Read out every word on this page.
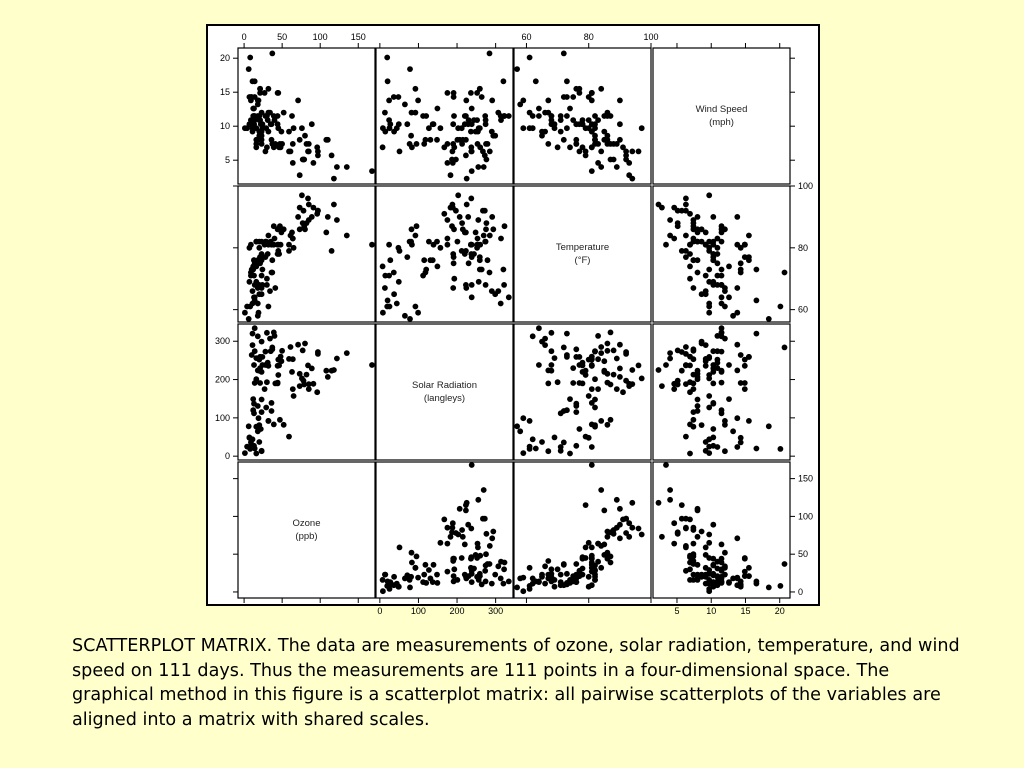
Wind Speed
(mph)
Temperature
(°F)
Solar Radiation
(langleys)
Ozone
(ppb)
5
10
15
20
60
80
100
0
100
200
300
0
50
100
150
0	50	100	150	60	80	100
0	100	200	300	5	10	15	20

SCATTERPLOT MATRIX. The data are measurements of ozone, solar radiation, temperature, and wind speed on 111 days. Thus the measurements are 111 points in a four-dimensional space. The graphical method in this figure is a scatterplot matrix: all pairwise scatterplots of the variables are aligned into a matrix with shared scales.
